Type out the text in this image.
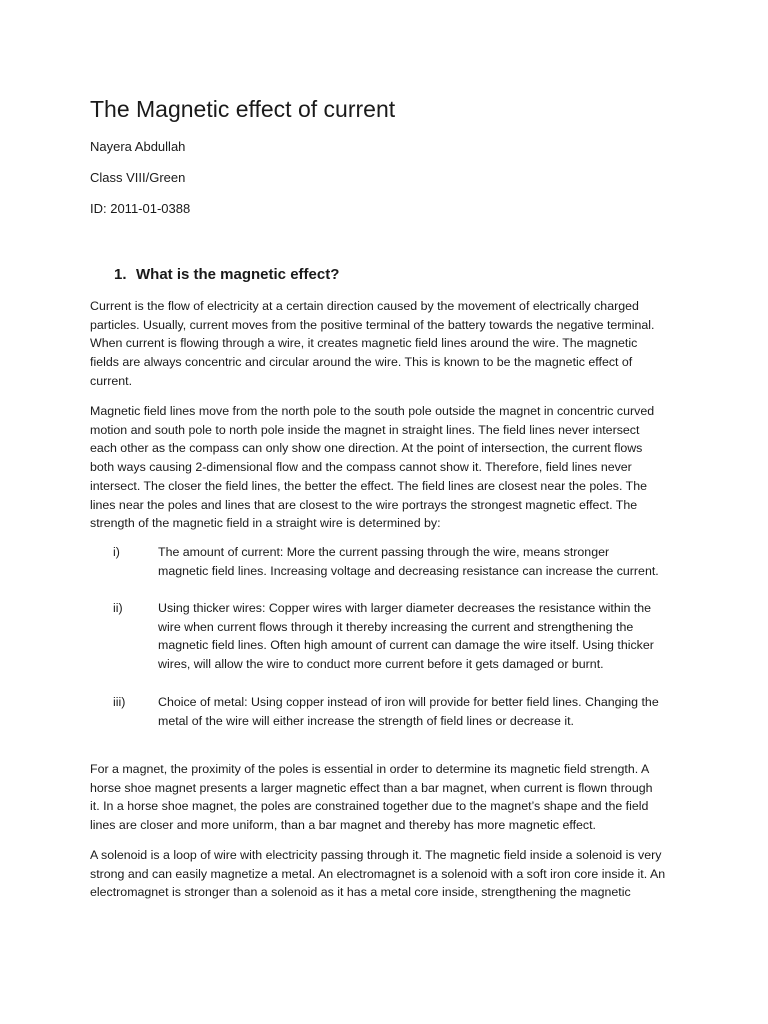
The Magnetic effect of current

Nayera Abdullah

Class VIII/Green

ID: 2011-01-0388

1. What is the magnetic effect?

Current is the flow of electricity at a certain direction caused by the movement of electrically charged
particles. Usually, current moves from the positive terminal of the battery towards the negative terminal.
When current is flowing through a wire, it creates magnetic field lines around the wire. The magnetic
fields are always concentric and circular around the wire. This is known to be the magnetic effect of
current.

Magnetic field lines move from the north pole to the south pole outside the magnet in concentric curved
motion and south pole to north pole inside the magnet in straight lines. The field lines never intersect
each other as the compass can only show one direction. At the point of intersection, the current flows
both ways causing 2-dimensional flow and the compass cannot show it. Therefore, field lines never
intersect. The closer the field lines, the better the effect. The field lines are closest near the poles. The
lines near the poles and lines that are closest to the wire portrays the strongest magnetic effect. The
strength of the magnetic field in a straight wire is determined by:

i)	The amount of current: More the current passing through the wire, means stronger
magnetic field lines. Increasing voltage and decreasing resistance can increase the current.
ii)	Using thicker wires: Copper wires with larger diameter decreases the resistance within the
wire when current flows through it thereby increasing the current and strengthening the
magnetic field lines. Often high amount of current can damage the wire itself. Using thicker
wires, will allow the wire to conduct more current before it gets damaged or burnt.
iii)	Choice of metal: Using copper instead of iron will provide for better field lines. Changing the
metal of the wire will either increase the strength of field lines or decrease it.

For a magnet, the proximity of the poles is essential in order to determine its magnetic field strength. A
horse shoe magnet presents a larger magnetic effect than a bar magnet, when current is flown through
it. In a horse shoe magnet, the poles are constrained together due to the magnet’s shape and the field
lines are closer and more uniform, than a bar magnet and thereby has more magnetic effect.

A solenoid is a loop of wire with electricity passing through it. The magnetic field inside a solenoid is very
strong and can easily magnetize a metal. An electromagnet is a solenoid with a soft iron core inside it. An
electromagnet is stronger than a solenoid as it has a metal core inside, strengthening the magnetic
